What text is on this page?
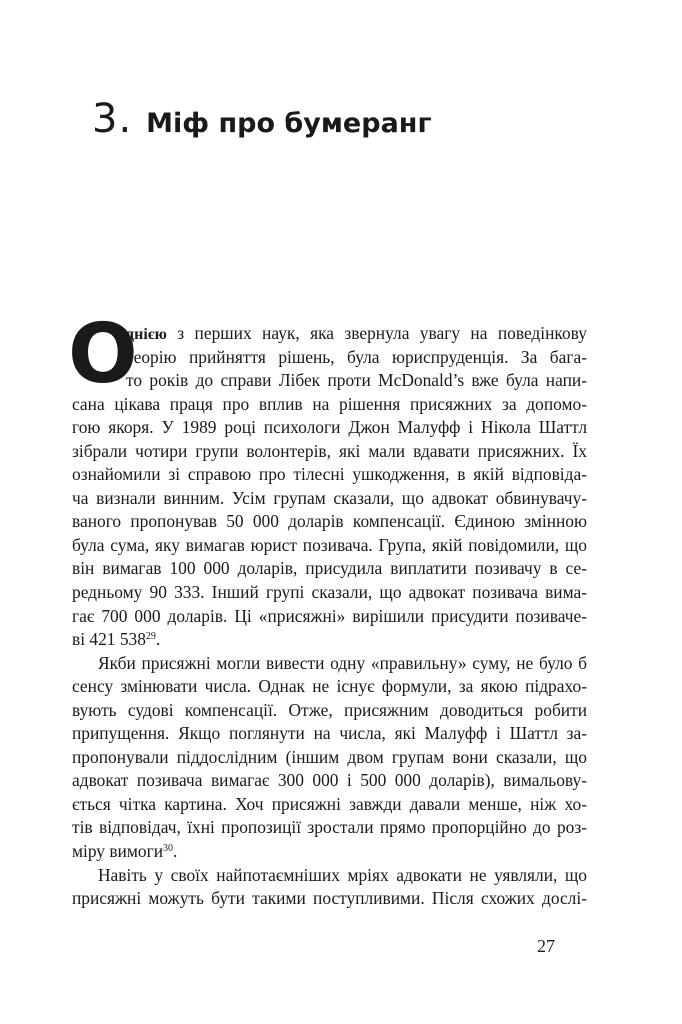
3. Міф про бумеранг
О
днією з перших наук, яка звернула увагу на поведінкову
теорію прийняття рішень, була юриспруденція. За бага-
то років до справи Лібек проти McDonald’s вже була напи-
сана цікава праця про вплив на рішення присяжних за допомо-
гою якоря. У 1989 році психологи Джон Малуфф і Нікола Шаттл
зібрали чотири групи волонтерів, які мали вдавати присяжних. Їх
ознайомили зі справою про тілесні ушкодження, в якій відповіда-
ча визнали винним. Усім групам сказали, що адвокат обвинувачу-
ваного пропонував 50 000 доларів компенсації. Єдиною змінною
була сума, яку вимагав юрист позивача. Група, якій повідомили, що
він вимагав 100 000 доларів, присудила виплатити позивачу в се-
редньому 90 333. Інший групі сказали, що адвокат позивача вима-
гає 700 000 доларів. Ці «присяжні» вирішили присудити позиваче-
ві 421 $538^{29}$.
Якби присяжні могли вивести одну «правильну» суму, не було б
сенсу змінювати числа. Однак не існує формули, за якою підрахо-
вують судові компенсації. Отже, присяжним доводиться робити
припущення. Якщо поглянути на числа, які Малуфф і Шаттл за-
пропонували піддослідним (іншим двом групам вони сказали, що
адвокат позивача вимагає 300 000 і 500 000 доларів), вимальову-
ється чітка картина. Хоч присяжні завжди давали менше, ніж хо-
тів відповідач, їхні пропозиції зростали прямо пропорційно до роз-
міру вимоги$^{30}$.
Навіть у своїх найпотаємніших мріях адвокати не уявляли, що
присяжні можуть бути такими поступливими. Після схожих дослі-
27
